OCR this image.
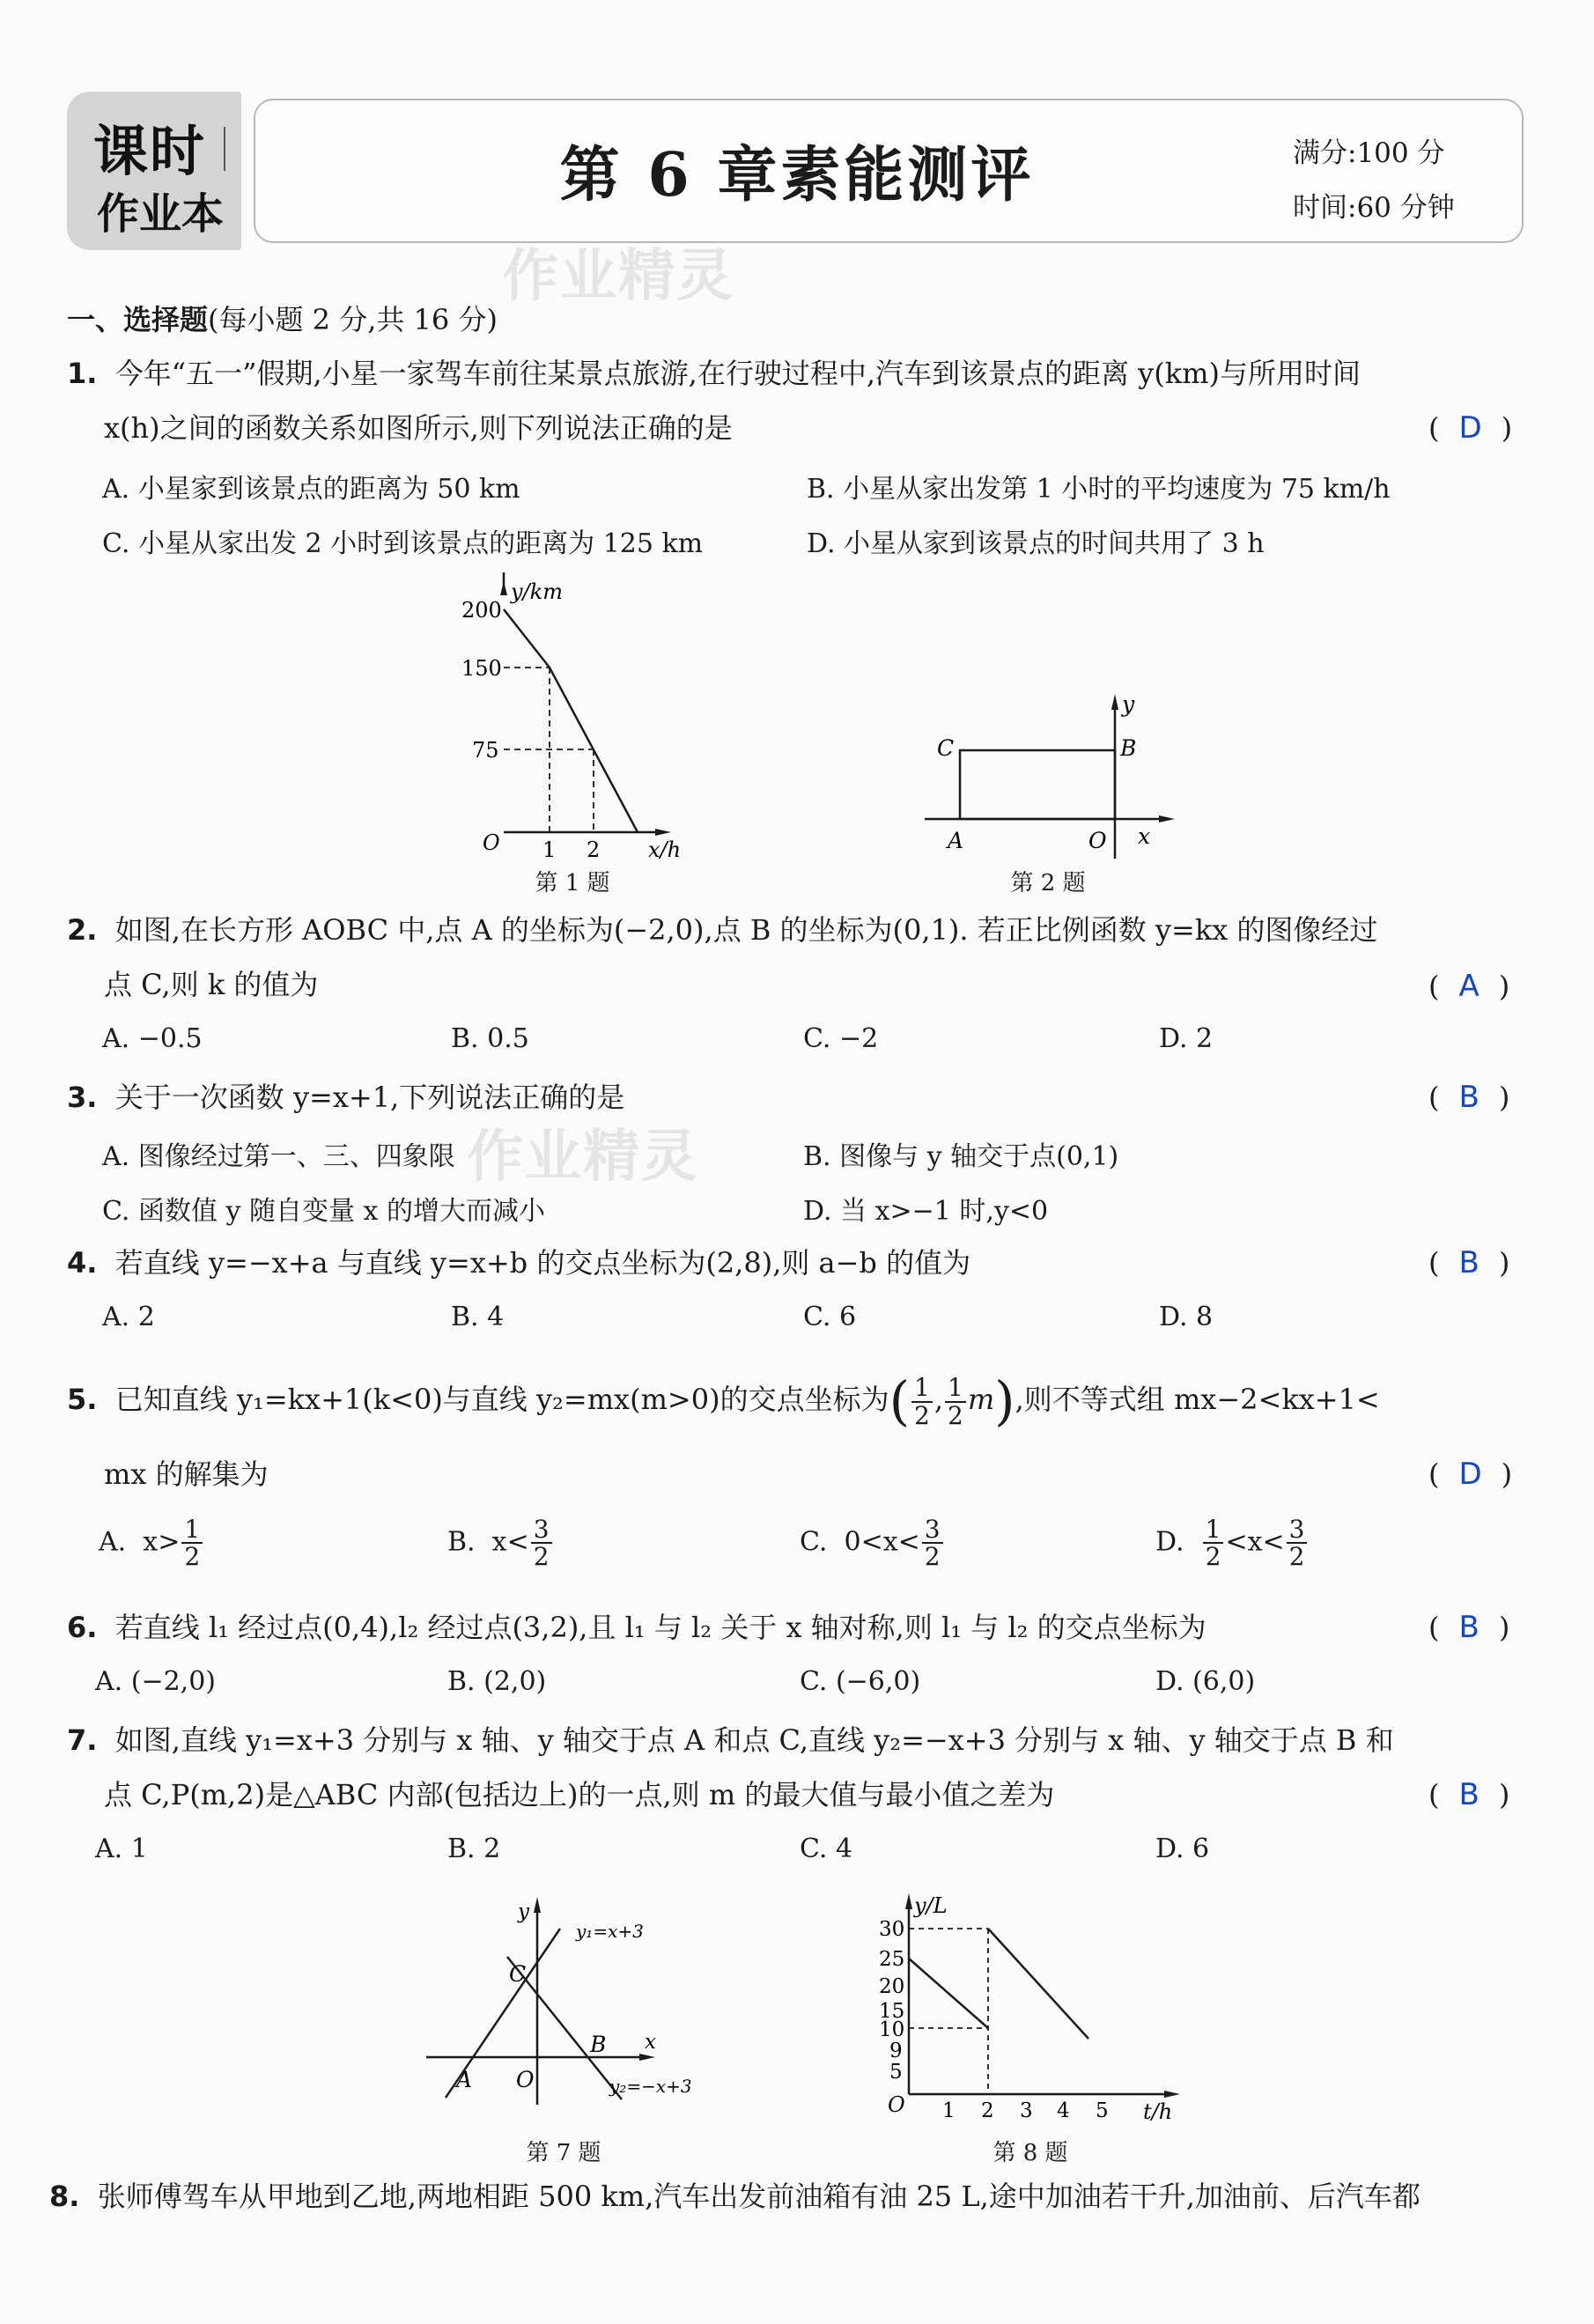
课时
作业本
第 6 章素能测评	满分:100 分
时间:60 分钟
作业精灵
作业精灵
一、选择题(每小题 2 分,共 16 分)
1. 今年“五一”假期,小星一家驾车前往某景点旅游,在行驶过程中,汽车到该景点的距离 y(km)与所用时间
x(h)之间的函数关系如图所示,则下列说法正确的是	( D )
A. 小星家到该景点的距离为 50 km	B. 小星从家出发第 1 小时的平均速度为 75 km/h
C. 小星从家出发 2 小时到该景点的距离为 125 km	D. 小星从家到该景点的时间共用了 3 h
y/km
200
150
75
O 1 2 x/h
第 1 题
C	B
A	O x
y
第 2 题
2. 如图,在长方形 AOBC 中,点 A 的坐标为(−2,0),点 B 的坐标为(0,1). 若正比例函数 y=kx 的图像经过
点 C,则 k 的值为	( A )
A. −0.5	B. 0.5	C. −2	D. 2
3. 关于一次函数 y=x+1,下列说法正确的是	( B )
A. 图像经过第一、三、四象限	B. 图像与 y 轴交于点(0,1)
C. 函数值 y 随自变量 x 的增大而减小	D. 当 x>−1 时,y<0
4. 若直线 y=−x+a 与直线 y=x+b 的交点坐标为(2,8),则 a−b 的值为	( B )
A. 2	B. 4	C. 6	D. 8
5. 已知直线 y₁=kx+1(k<0)与直线 y₂=mx(m>0)的交点坐标为( $\frac{1}{2}$ , $\frac{1}{2} m$),则不等式组 mx−2<kx+1<
mx 的解集为	( D )
A. $x> \frac{1}{2}$	B. $x< \frac{3}{2}$	C. $0<x< \frac{3}{2}$	D. $\frac{1}{2} <x< \frac{3}{2}$
6. 若直线 l₁ 经过点(0,4),l₂ 经过点(3,2),且 l₁ 与 l₂ 关于 x 轴对称,则 l₁ 与 l₂ 的交点坐标为	( B )
A. (−2,0)	B. (2,0)	C. (−6,0)	D. (6,0)
7. 如图,直线 y₁=x+3 分别与 x 轴、y 轴交于点 A 和点 C,直线 y₂=−x+3 分别与 x 轴、y 轴交于点 B 和
点 C,P(m,2)是△ABC 内部(包括边上)的一点,则 m 的最大值与最小值之差为	( B )
A. 1	B. 2	C. 4	D. 6
y
x
C
A O
B
y₁=x+3
y₂=−x+3
第 7 题
y/L
30
25
20
15
10
9
5
O 1 2 3 4 5 t/h
第 8 题
8. 张师傅驾车从甲地到乙地,两地相距 500 km,汽车出发前油箱有油 25 L,途中加油若干升,加油前、后汽车都
